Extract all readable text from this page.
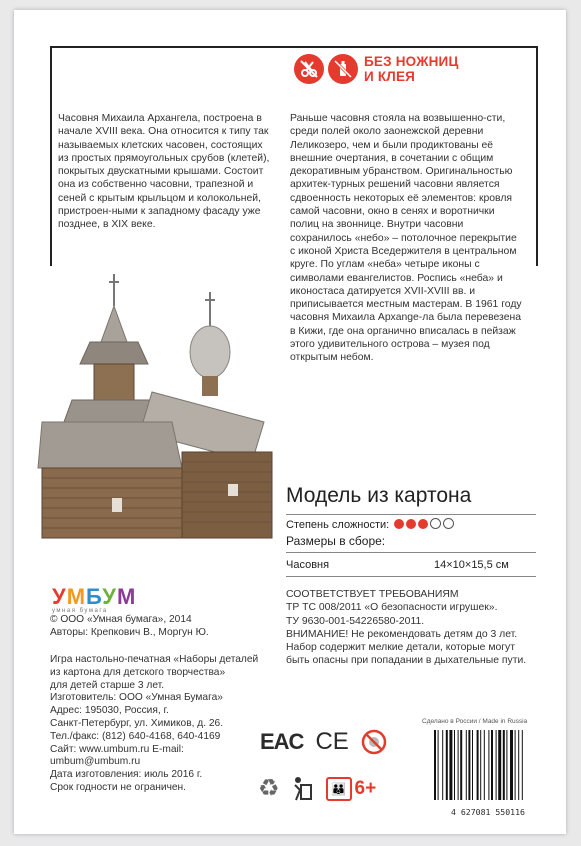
БЕЗ НОЖНИЦ
И КЛЕЯ

Часовня Михаила Архангела, построена в начале XVIII века. Она относится к типу так называемых клетских часовен, состоящих из простых прямоугольных срубов (клетей), покрытых двускатными крышами. Состоит она из собственно часовни, трапезной и сеней с крытым крыльцом и колокольней, пристроен-ными к западному фасаду уже позднее, в XIX веке.

Раньше часовня стояла на возвышенно-сти, среди полей около заонежской деревни Леликозеро, чем и были продиктованы её внешние очертания, в сочетании с общим декоративным убранством. Оригинальностью архитек-турных решений часовни является сдвоенность некоторых её элементов: кровля самой часовни, окно в сенях и воротнички полиц на звоннице. Внутри часовни сохранилось «небо» – потолочное перекрытие с иконой Христа Вседержителя в центральном круге. По углам «неба» четыре иконы с символами евангелистов. Роспись «неба» и иконостаса датируется XVII-XVIII вв. и приписывается местным мастерам. В 1961 году часовня Михаила Архange-ла была перевезена в Кижи, где она органично вписалась в пейзаж этого удивительного острова – музея под открытым небом.

Модель из картона
Степень сложности:
Размеры в сборе:
Часовня	14×10×15,5 см
СООТВЕТСТВУЕТ ТРЕБОВАНИЯМ
ТР ТС 008/2011 «О безопасности игрушек».
ТУ 9630-001-54226580-2011.
ВНИМАНИЕ! Не рекомендовать детям до 3 лет.
Набор содержит мелкие детали, которые могут быть опасны при попадании в дыхательные пути.
УМБУМ
умная бумага
© ООО «Умная бумага», 2014
Авторы: Крепкович В., Моргун Ю.
Игра настольно-печатная «Наборы деталей
из картона для детского творчества»
для детей старше 3 лет.
Изготовитель: ООО «Умная Бумага»
Адрес: 195030, Россия, г.
Санкт-Петербург, ул. Химиков, д. 26.
Тел./факс: (812) 640-4168, 640-4169
Сайт: www.umbum.ru E-mail:
umbum@umbum.ru
Дата изготовления: июль 2016 г.
Срок годности не ограничен.
EAC CE
♻	👪 6+
Сделано в России / Made in Russia
4 627081 550116
